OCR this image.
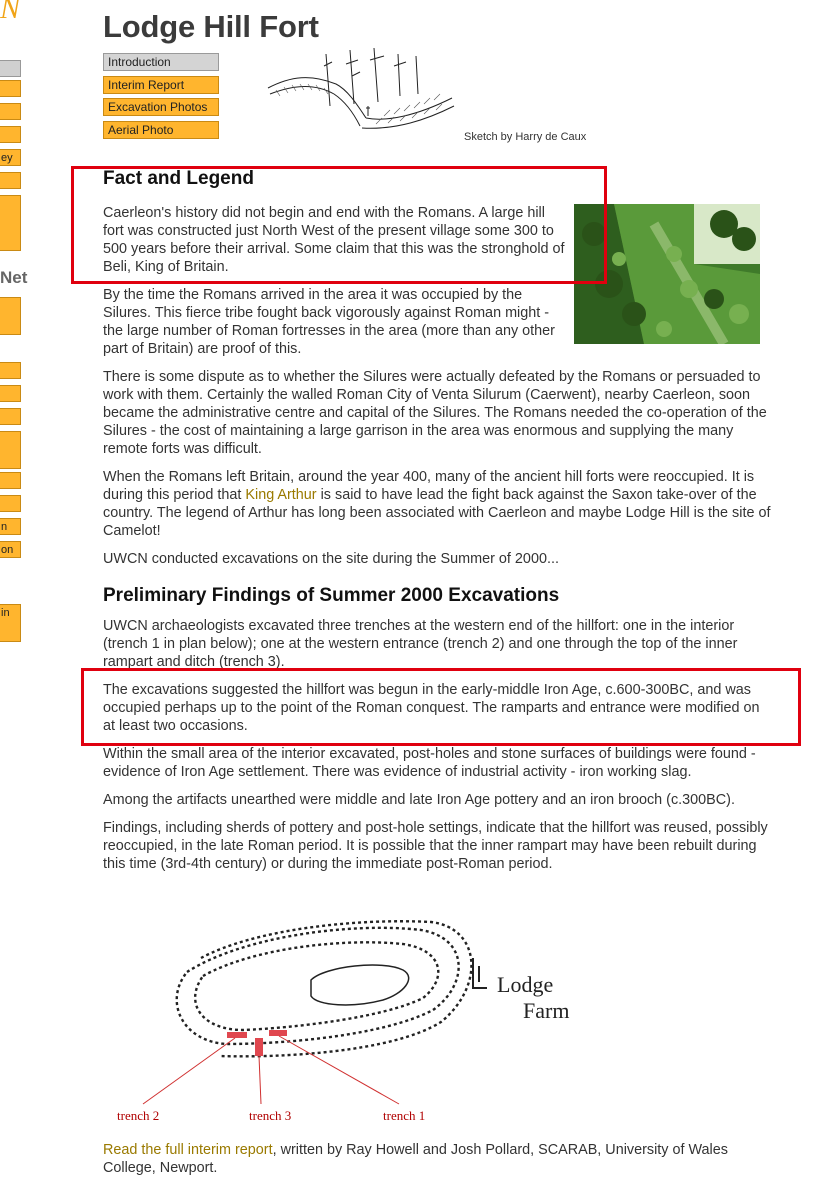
N
ey
Net
n
on
in
Lodge Hill Fort
Introduction
Interim Report
Excavation Photos
Aerial Photo
Sketch by Harry de Caux
Fact and Legend

Caerleon's history did not begin and end with the Romans. A large hill fort was constructed just North West of the present village some 300 to 500 years before their arrival. Some claim that this was the stronghold of Beli, King of Britain.

By the time the Romans arrived in the area it was occupied by the Silures. This fierce tribe fought back vigorously against Roman might - the large number of Roman fortresses in the area (more than any other part of Britain) are proof of this.

There is some dispute as to whether the Silures were actually defeated by the Romans or persuaded to work with them. Certainly the walled Roman City of Venta Silurum (Caerwent), nearby Caerleon, soon became the administrative centre and capital of the Silures. The Romans needed the co-operation of the Silures - the cost of maintaining a large garrison in the area was enormous and supplying the many remote forts was difficult.

When the Romans left Britain, around the year 400, many of the ancient hill forts were reoccupied. It is during this period that King Arthur is said to have lead the fight back against the Saxon take-over of the country. The legend of Arthur has long been associated with Caerleon and maybe Lodge Hill is the site of Camelot!

UWCN conducted excavations on the site during the Summer of 2000...

Preliminary Findings of Summer 2000 Excavations

UWCN archaeologists excavated three trenches at the western end of the hillfort: one in the interior (trench 1 in plan below); one at the western entrance (trench 2) and one through the top of the inner rampart and ditch (trench 3).

The excavations suggested the hillfort was begun in the early-middle Iron Age, c.600-300BC, and was occupied perhaps up to the point of the Roman conquest. The ramparts and entrance were modified on at least two occasions.

Within the small area of the interior excavated, post-holes and stone surfaces of buildings were found - evidence of Iron Age settlement. There was evidence of industrial activity - iron working slag.

Among the artifacts unearthed were middle and late Iron Age pottery and an iron brooch (c.300BC).

Findings, including sherds of pottery and post-hole settings, indicate that the hillfort was reused, possibly reoccupied, in the late Roman period. It is possible that the inner rampart may have been rebuilt during this time (3rd-4th century) or during the immediate post-Roman period.

Lodge
Farm
trench 2	trench 3	trench 1

Read the full interim report, written by Ray Howell and Josh Pollard, SCARAB, University of Wales College, Newport.
